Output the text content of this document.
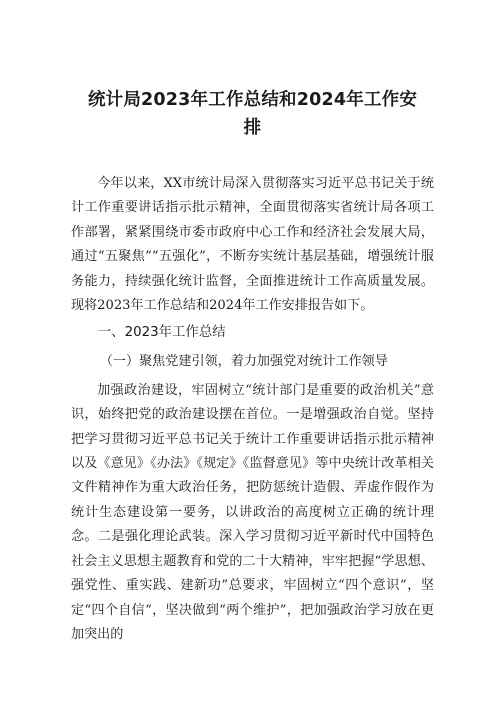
统计局2023年工作总结和2024年工作安
排

今年以来，XX市统计局深入贯彻落实习近平总书记关于统计工作重要讲话指示批示精神，全面贯彻落实省统计局各项工作部署，紧紧围绕市委市政府中心工作和经济社会发展大局，通过“五聚焦”“五强化”，不断夯实统计基层基础，增强统计服务能力，持续强化统计监督，全面推进统计工作高质量发展。现将2023年工作总结和2024年工作安排报告如下。

一、2023年工作总结
（一）聚焦党建引领，着力加强党对统计工作领导

加强政治建设，牢固树立“统计部门是重要的政治机关”意识，始终把党的政治建设摆在首位。一是增强政治自觉。坚持把学习贯彻习近平总书记关于统计工作重要讲话指示批示精神以及《意见》《办法》《规定》《监督意见》等中央统计改革相关文件精神作为重大政治任务，把防惩统计造假、弄虚作假作为统计生态建设第一要务，以讲政治的高度树立正确的统计理念。二是强化理论武装。深入学习贯彻习近平新时代中国特色社会主义思想主题教育和党的二十大精神，牢牢把握“学思想、强党性、重实践、建新功”总要求，牢固树立“四个意识”，坚定“四个自信“，坚决做到“两个维护”，把加强政治学习放在更加突出的
